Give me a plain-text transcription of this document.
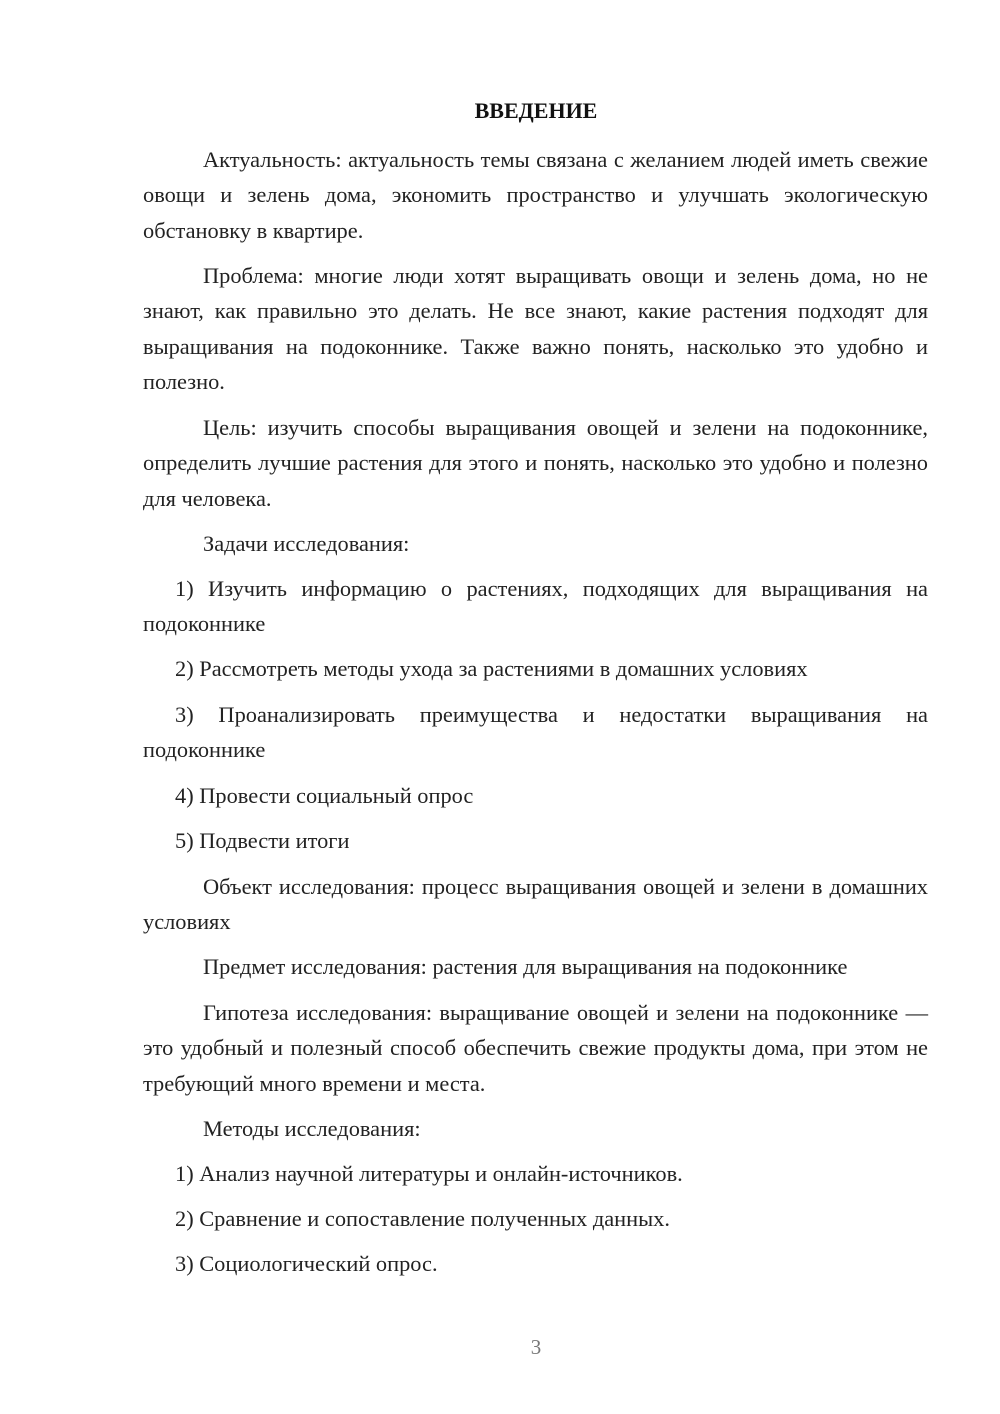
ВВЕДЕНИЕ

Актуальность: актуальность темы связана с желанием людей иметь свежие овощи и зелень дома, экономить пространство и улучшать экологическую обстановку в квартире.

Проблема: многие люди хотят выращивать овощи и зелень дома, но не знают, как правильно это делать. Не все знают, какие растения подходят для выращивания на подоконнике. Также важно понять, насколько это удобно и полезно.

Цель: изучить способы выращивания овощей и зелени на подоконнике, определить лучшие растения для этого и понять, насколько это удобно и полезно для человека.

Задачи исследования:

1) Изучить информацию о растениях, подходящих для выращивания на подоконнике

2) Рассмотреть методы ухода за растениями в домашних условиях

3) Проанализировать преимущества и недостатки выращивания на подоконнике

4) Провести социальный опрос

5) Подвести итоги

Объект исследования: процесс выращивания овощей и зелени в домашних условиях

Предмет исследования: растения для выращивания на подоконнике

Гипотеза исследования: выращивание овощей и зелени на подоконнике — это удобный и полезный способ обеспечить свежие продукты дома, при этом не требующий много времени и места.

Методы исследования:

1) Анализ научной литературы и онлайн-источников.

2) Сравнение и сопоставление полученных данных.

3) Социологический опрос.

3
